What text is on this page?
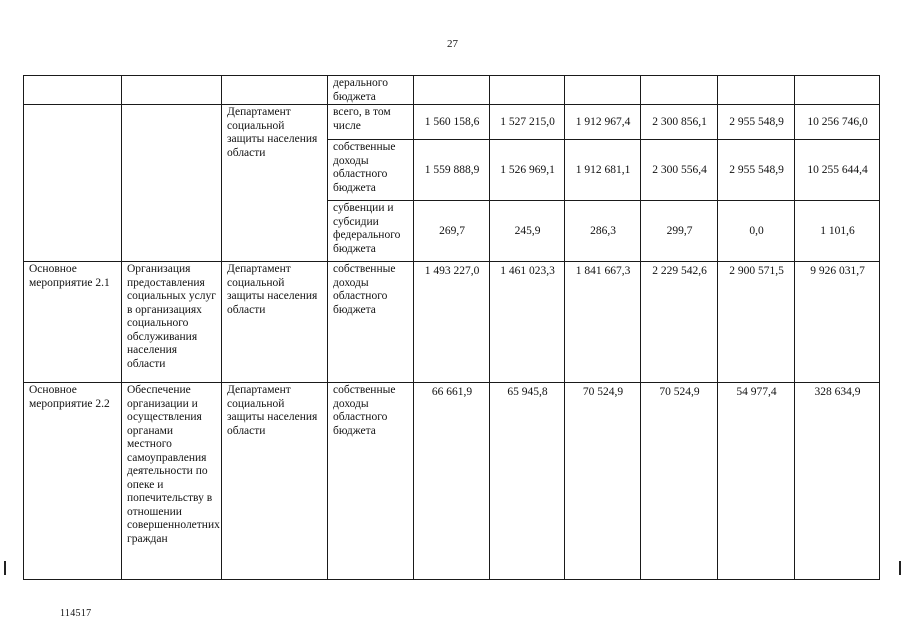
27
			дерального бюджета						
		Департамент социальной защиты населения области	всего, в том числе	1 560 158,6	1 527 215,0	1 912 967,4	2 300 856,1	2 955 548,9	10 256 746,0
			собственные доходы областного бюджета	1 559 888,9	1 526 969,1	1 912 681,1	2 300 556,4	2 955 548,9	10 255 644,4
			субвенции и субсидии федерального бюджета	269,7	245,9	286,3	299,7	0,0	1 101,6
Основное мероприятие 2.1	Организация предоставления социальных услуг в организациях социального обслуживания населения области	Департамент социальной защиты населения области	собственные доходы областного бюджета	1 493 227,0	1 461 023,3	1 841 667,3	2 229 542,6	2 900 571,5	9 926 031,7
Основное мероприятие 2.2	Обеспечение организации и осуществления органами местного самоуправления деятельности по опеке и попечительству в отношении совершеннолетних граждан	Департамент социальной защиты населения области	собственные доходы областного бюджета	66 661,9	65 945,8	70 524,9	70 524,9	54 977,4	328 634,9
114517
